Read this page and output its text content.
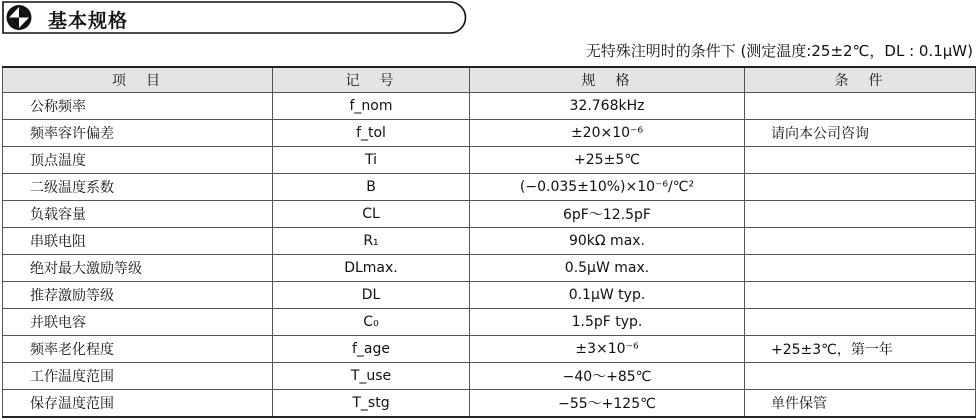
基本规格
无特殊注明时的条件下 (测定温度:25±2℃，DL : 0.1μW)
项　目	记　号	规　格	条　件
公称频率	f_nom	32.768kHz	
频率容许偏差	f_tol	±20×10⁻⁶	请向本公司咨询
顶点温度	Ti	+25±5℃	
二级温度系数	B	(−0.035±10%)×10⁻⁶/℃²	
负载容量	CL	6pF～12.5pF	
串联电阻	R₁	90kΩ max.	
绝对最大激励等级	DLmax.	0.5μW max.	
推荐激励等级	DL	0.1μW typ.	
并联电容	C₀	1.5pF typ.	
频率老化程度	f_age	±3×10⁻⁶	+25±3℃，第一年
工作温度范围	T_use	−40～+85℃	
保存温度范围	T_stg	−55～+125℃	单件保管
